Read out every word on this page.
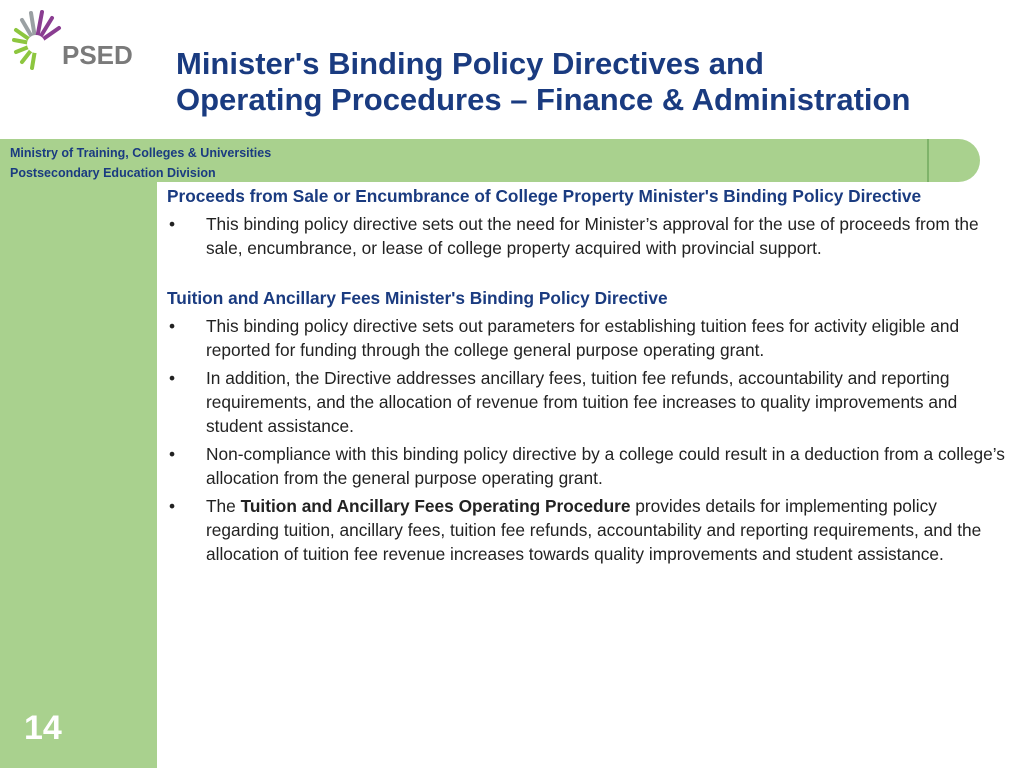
PSED Minister's Binding Policy Directives and
Operating Procedures – Finance & Administration
Ministry of Training, Colleges & Universities
Postsecondary Education Division
14

Proceeds from Sale or Encumbrance of College Property Minister's Binding Policy Directive

• This binding policy directive sets out the need for Minister’s approval for the use of proceeds from the sale, encumbrance, or lease of college property acquired with provincial support.

Tuition and Ancillary Fees Minister's Binding Policy Directive

• This binding policy directive sets out parameters for establishing tuition fees for activity eligible and reported for funding through the college general purpose operating grant.
• In addition, the Directive addresses ancillary fees, tuition fee refunds, accountability and reporting requirements, and the allocation of revenue from tuition fee increases to quality improvements and student assistance.
• Non-compliance with this binding policy directive by a college could result in a deduction from a college’s allocation from the general purpose operating grant.
• The Tuition and Ancillary Fees Operating Procedure provides details for implementing policy regarding tuition, ancillary fees, tuition fee refunds, accountability and reporting requirements, and the allocation of tuition fee revenue increases towards quality improvements and student assistance.
